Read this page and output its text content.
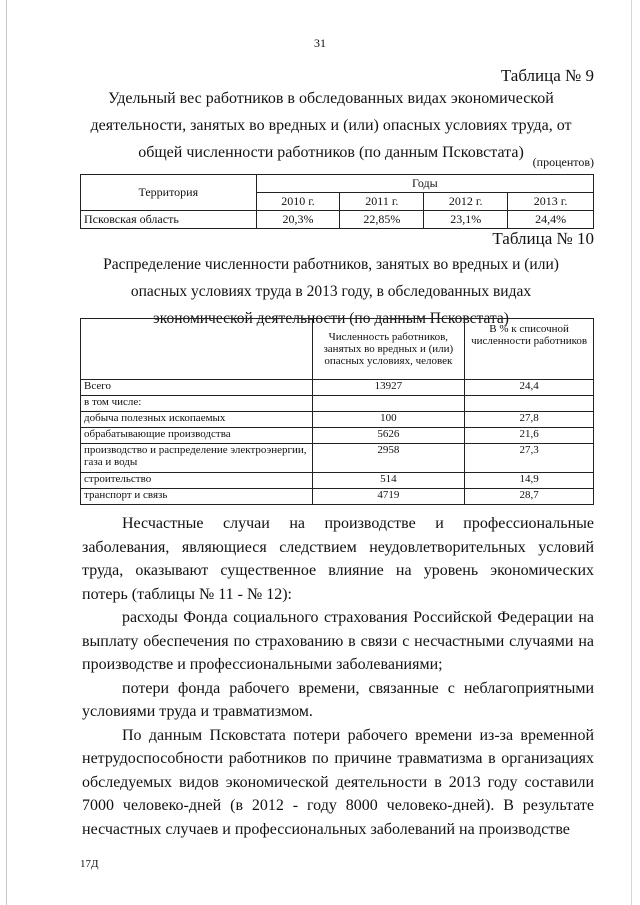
31
Таблица № 9
Удельный вес работников в обследованных видах экономической
деятельности, занятых во вредных и (или) опасных условиях труда, от
общей численности работников (по данным Псковстата)
(процентов)
Территория	Годы			
	2010 г.	2011 г.	2012 г.	2013 г.
Псковская область	20,3%	22,85%	23,1%	24,4%
Таблица № 10
Распределение численности работников, занятых во вредных и (или)
опасных условиях труда в 2013 году, в обследованных видах
экономической деятельности (по данным Псковстата)
	Численность работников, занятых во вредных и (или) опасных условиях, человек	В % к списочной численности работников
Всего	13927	24,4
в том числе:		
добыча полезных ископаемых	100	27,8
обрабатывающие производства	5626	21,6
производство и распределение электроэнергии, газа и воды	2958	27,3
строительство	514	14,9
транспорт и связь	4719	28,7

Несчастные случаи на производстве и профессиональные заболевания, являющиеся следствием неудовлетворительных условий труда, оказывают существенное влияние на уровень экономических потерь (таблицы № 11 - № 12):

расходы Фонда социального страхования Российской Федерации на выплату обеспечения по страхованию в связи с несчастными случаями на производстве и профессиональными заболеваниями;

потери фонда рабочего времени, связанные с неблагоприятными условиями труда и травматизмом.

По данным Псковстата потери рабочего времени из-за временной нетрудоспособности работников по причине травматизма в организациях обследуемых видов экономической деятельности в 2013 году составили 7000 человеко-дней (в 2012 - году 8000 человеко-дней). В результате несчастных случаев и профессиональных заболеваний на производстве

17Д
